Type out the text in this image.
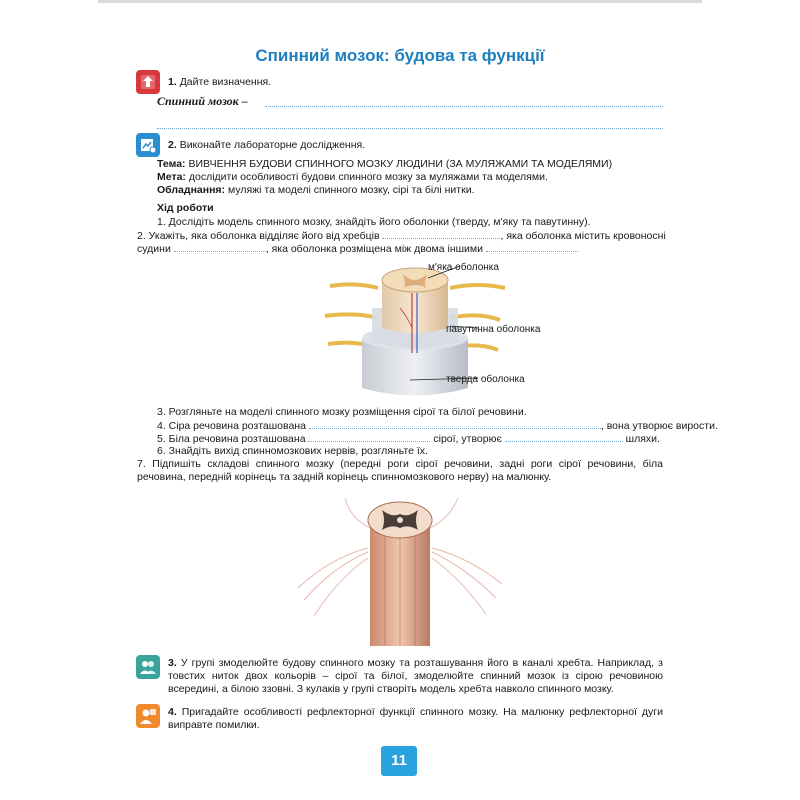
Спинний мозок: будова та функції
1. Дайте визначення.
Спинний мозок –
2. Виконайте лабораторне дослідження.
Тема: ВИВЧЕННЯ БУДОВИ СПИННОГО МОЗКУ ЛЮДИНИ (ЗА МУЛЯЖАМИ ТА МОДЕЛЯМИ)
Мета: дослідити особливості будови спинного мозку за муляжами та моделями.
Обладнання: муляжі та моделі спинного мозку, сірі та білі нитки.
Хід роботи
1. Дослідіть модель спинного мозку, знайдіть його оболонки (тверду, м'яку та павутинну).
2. Укажіть, яка оболонка відділяє його від хребців	, яка оболонка містить кровоносні
судини	, яка оболонка розміщена між двома іншими
м'яка оболонка
павутинна оболонка
тверда оболонка
3. Розгляньте на моделі спинного мозку розміщення сірої та білої речовини.
4. Сіра речовина розташована	, вона утворює вирости.
5. Біла речовина розташована	сірої, утворює	шляхи.
6. Знайдіть вихід спинномозкових нервів, розгляньте їх.
7. Підпишіть складові спинного мозку (передні роги сірої речовини, задні роги сірої речовини, біла речовина, передній корінець та задній корінець спинномозкового нерву) на малюнку.
3. У групі змоделюйте будову спинного мозку та розташування його в каналі хребта. Наприклад, з товстих ниток двох кольорів – сірої та білої, змоделюйте спинний мозок із сірою речовиною всередині, а білою ззовні. З кулаків у групі створіть модель хребта навколо спинного мозку.
4. Пригадайте особливості рефлекторної функції спинного мозку. На малюнку рефлекторної дуги виправте помилки.
11
